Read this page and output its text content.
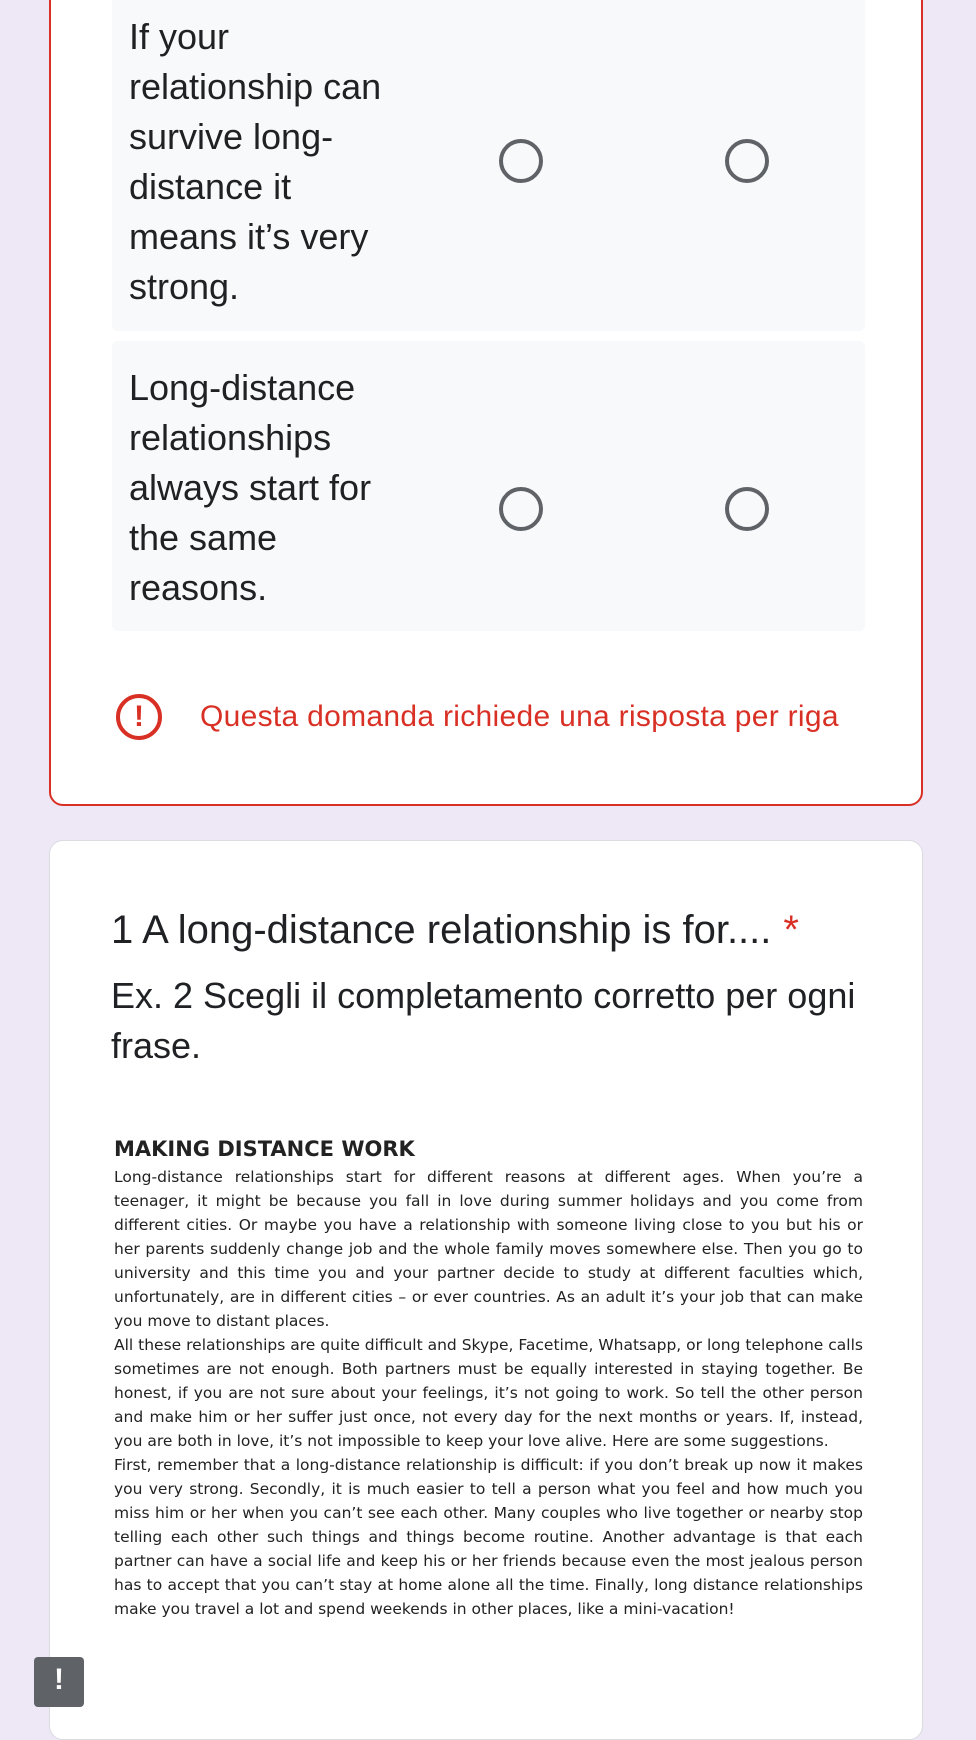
If your relationship can survive long-distance it means it’s very strong.
Long-distance relationships always start for the same reasons.
!	Questa domanda richiede una risposta per riga
1 A long-distance relationship is for.... *
Ex. 2 Scegli il completamento corretto per ogni frase.
MAKING DISTANCE WORK

Long-distance relationships start for different reasons at different ages. When you’re a teenager, it might be because you fall in love during summer holidays and you come from different cities. Or maybe you have a relationship with someone living close to you but his or her parents suddenly change job and the whole family moves somewhere else. Then you go to university and this time you and your partner decide to study at different faculties which, unfortunately, are in different cities – or ever countries. As an adult it’s your job that can make you move to distant places.

All these relationships are quite difficult and Skype, Facetime, Whatsapp, or long telephone calls sometimes are not enough. Both partners must be equally interested in staying together. Be honest, if you are not sure about your feelings, it’s not going to work. So tell the other person and make him or her suffer just once, not every day for the next months or years. If, instead, you are both in love, it’s not impossible to keep your love alive. Here are some suggestions.

First, remember that a long-distance relationship is difficult: if you don’t break up now it makes you very strong. Secondly, it is much easier to tell a person what you feel and how much you miss him or her when you can’t see each other. Many couples who live together or nearby stop telling each other such things and things become routine. Another advantage is that each partner can have a social life and keep his or her friends because even the most jealous person has to accept that you can’t stay at home alone all the time. Finally, long distance relationships make you travel a lot and spend weekends in other places, like a mini-vacation!

!
